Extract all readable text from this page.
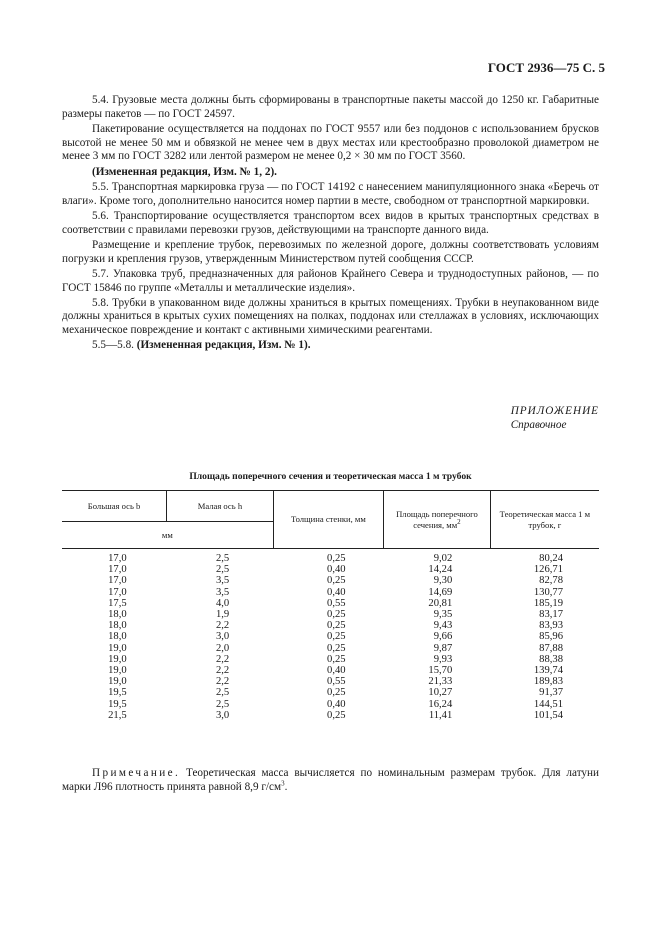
ГОСТ 2936—75 С. 5

5.4. Грузовые места должны быть сформированы в транспортные пакеты массой до 1250 кг. Габаритные размеры пакетов — по ГОСТ 24597.

Пакетирование осуществляется на поддонах по ГОСТ 9557 или без поддонов с использованием брусков высотой не менее 50 мм и обвязкой не менее чем в двух местах или крестообразно проволокой диаметром не менее 3 мм по ГОСТ 3282 или лентой размером не менее 0,2 × 30 мм по ГОСТ 3560.

(Измененная редакция, Изм. № 1, 2).

5.5. Транспортная маркировка груза — по ГОСТ 14192 с нанесением манипуляционного знака «Беречь от влаги». Кроме того, дополнительно наносится номер партии в месте, свободном от транспортной маркировки.

5.6. Транспортирование осуществляется транспортом всех видов в крытых транспортных средствах в соответствии с правилами перевозки грузов, действующими на транспорте данного вида.

Размещение и крепление трубок, перевозимых по железной дороге, должны соответствовать условиям погрузки и крепления грузов, утвержденным Министерством путей сообщения СССР.

5.7. Упаковка труб, предназначенных для районов Крайнего Севера и труднодоступных районов, — по ГОСТ 15846 по группе «Металлы и металлические изделия».

5.8. Трубки в упакованном виде должны храниться в крытых помещениях. Трубки в неупакованном виде должны храниться в крытых сухих помещениях на полках, поддонах или стеллажах в условиях, исключающих механическое повреждение и контакт с активными химическими реагентами.

5.5—5.8. (Измененная редакция, Изм. № 1).

ПРИЛОЖЕНИЕ
Справочное
Площадь поперечного сечения и теоретическая масса 1 м трубок
Большая ось b	Малая ось h	Толщина стенки, мм	Площадь поперечного сечения, $мм^2$	Теоретическая масса 1 м трубок, г
мм				
17,0	2,5	0,25	9,02	80,24
17,0	2,5	0,40	14,24	126,71
17,0	3,5	0,25	9,30	82,78
17,0	3,5	0,40	14,69	130,77
17,5	4,0	0,55	20,81	185,19
18,0	1,9	0,25	9,35	83,17
18,0	2,2	0,25	9,43	83,93
18,0	3,0	0,25	9,66	85,96
19,0	2,0	0,25	9,87	87,88
19,0	2,2	0,25	9,93	88,38
19,0	2,2	0,40	15,70	139,74
19,0	2,2	0,55	21,33	189,83
19,5	2,5	0,25	10,27	91,37
19,5	2,5	0,40	16,24	144,51
21,5	3,0	0,25	11,41	101,54
Примечание. Теоретическая масса вычисляется по номинальным размерам трубок. Для латуни марки Л96 плотность принята равной 8,9 $г/см^3$.
